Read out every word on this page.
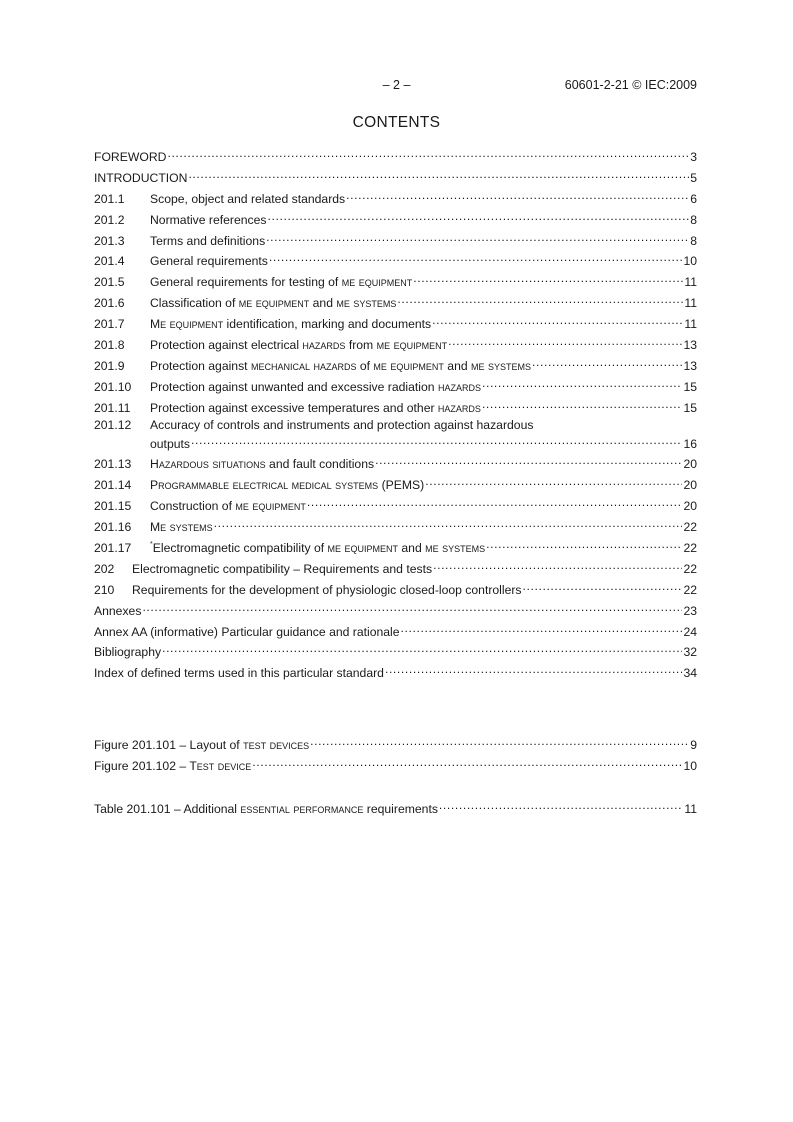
– 2 –	60601-2-21 © IEC:2009
CONTENTS
FOREWORD .....	3
INTRODUCTION .....	5
201.1	Scope, object and related standards .....	6
201.2	Normative references .....	8
201.3	Terms and definitions .....	8
201.4	General requirements .....	10
201.5	General requirements for testing of me equipment .....	11
201.6	Classification of me equipment and me systems .....	11
201.7	Me equipment identification, marking and documents .....	11
201.8	Protection against electrical hazards from me equipment .....	13
201.9	Protection against mechanical hazards of me equipment and me systems .....	13
201.10	Protection against unwanted and excessive radiation hazards .....	15
201.11	Protection against excessive temperatures and other hazards .....	15
201.12	Accuracy of controls and instruments and protection against hazardous
outputs .....	16
201.13	Hazardous situations and fault conditions .....	20
201.14	Programmable electrical medical systems (PEMS) .....	20
201.15	Construction of me equipment .....	20
201.16	Me systems .....	22
201.17	*Electromagnetic compatibility of me equipment and me systems .....	22
202	Electromagnetic compatibility – Requirements and tests .....	22
210	Requirements for the development of physiologic closed-loop controllers .....	22
Annexes .....	23
Annex AA (informative) Particular guidance and rationale .....	24
Bibliography .....	32
Index of defined terms used in this particular standard .....	34
Figure 201.101 – Layout of test devices .....	9
Figure 201.102 – Test device .....	10
Table 201.101 – Additional essential performance requirements .....	11
